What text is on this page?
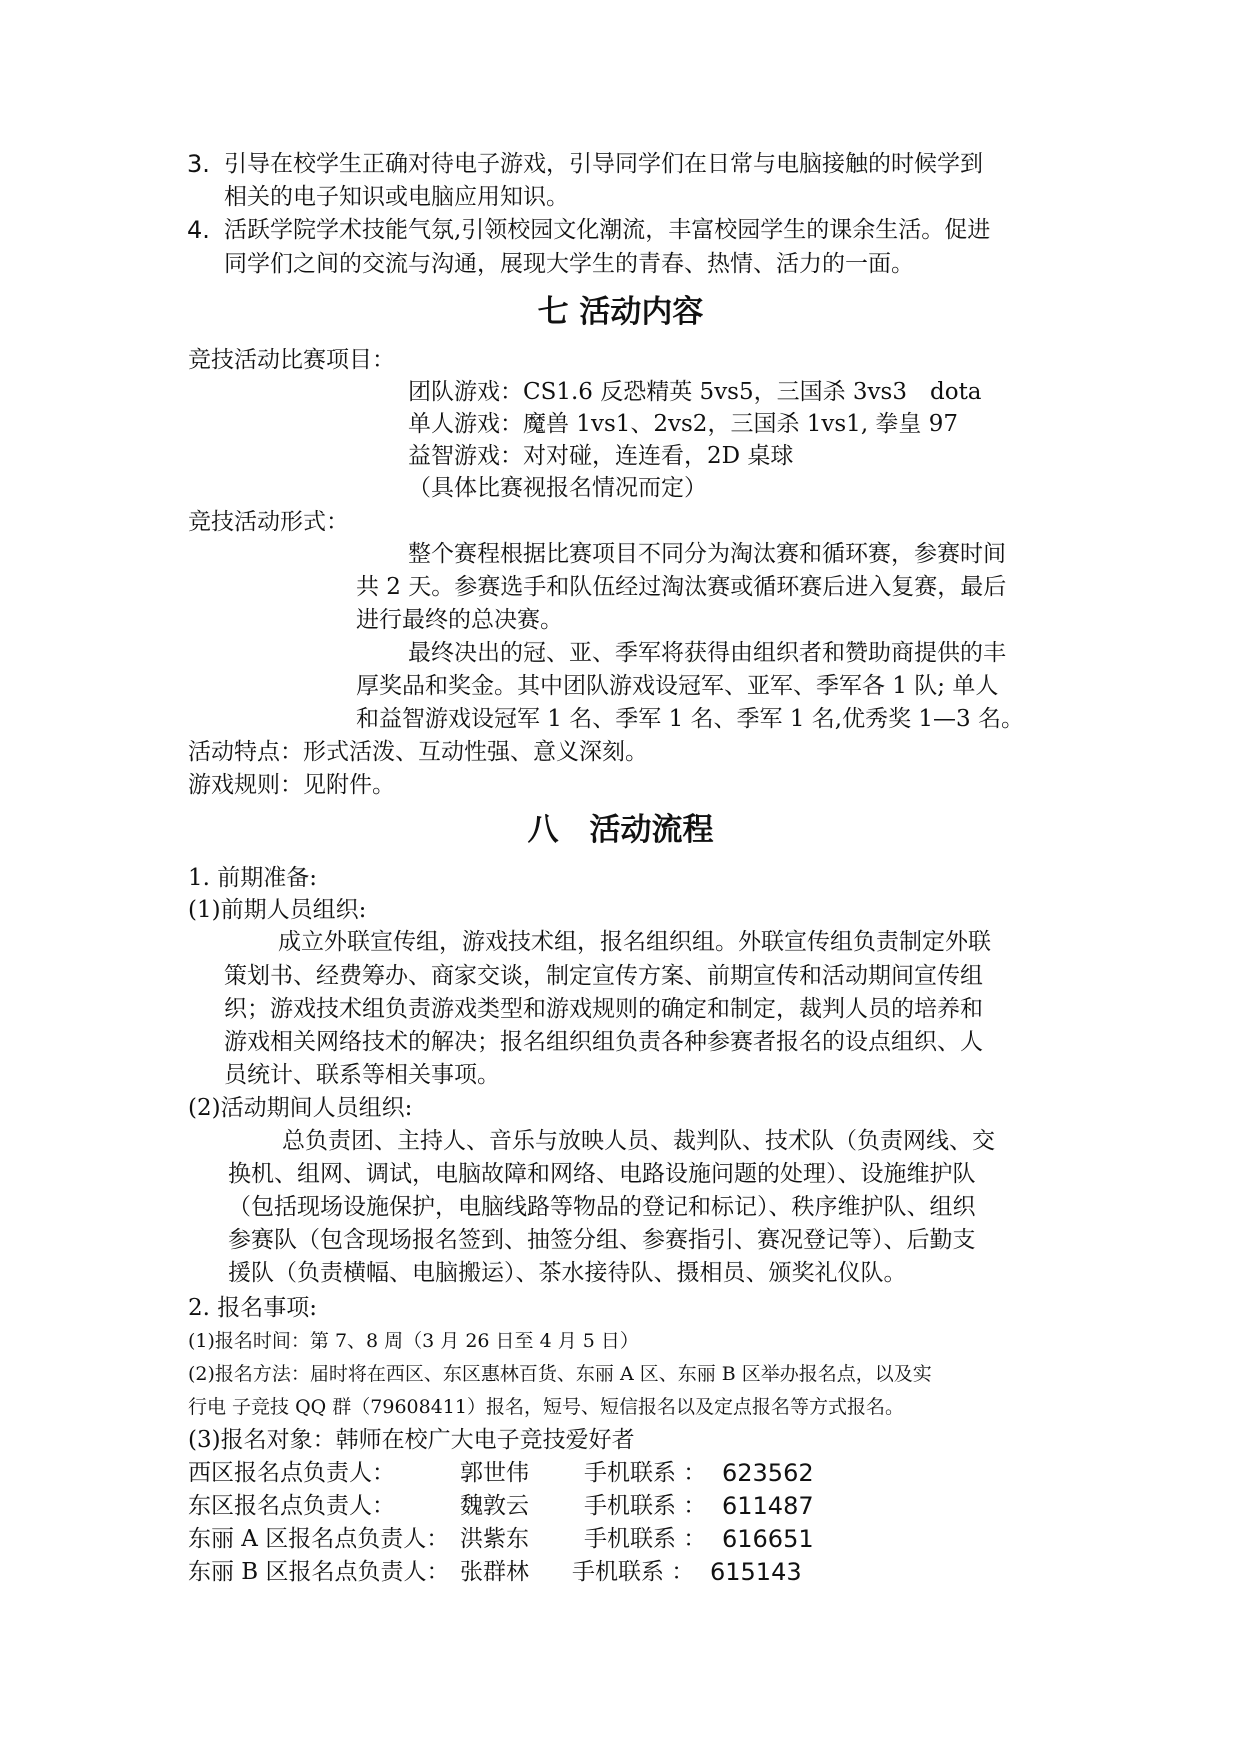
3. 引导在校学生正确对待电子游戏，引导同学们在日常与电脑接触的时候学到
相关的电子知识或电脑应用知识。
4. 活跃学院学术技能气氛,引领校园文化潮流，丰富校园学生的课余生活。促进
同学们之间的交流与沟通，展现大学生的青春、热情、活力的一面。
七 活动内容
竞技活动比赛项目：
团队游戏：CS1.6 反恐精英 5vs5，三国杀 3vs3　dota
单人游戏：魔兽 1vs1、2vs2，三国杀 1vs1, 拳皇 97
益智游戏：对对碰，连连看，2D 桌球
（具体比赛视报名情况而定）
竞技活动形式：
整个赛程根据比赛项目不同分为淘汰赛和循环赛，参赛时间
共 2 天。参赛选手和队伍经过淘汰赛或循环赛后进入复赛，最后
进行最终的总决赛。
最终决出的冠、亚、季军将获得由组织者和赞助商提供的丰
厚奖品和奖金。其中团队游戏设冠军、亚军、季军各 1 队; 单人
和益智游戏设冠军 1 名、季军 1 名、季军 1 名,优秀奖 1—3 名。
活动特点：形式活泼、互动性强、意义深刻。
游戏规则：见附件。
八　活动流程
1. 前期准备:
(1)前期人员组织:
成立外联宣传组，游戏技术组，报名组织组。外联宣传组负责制定外联
策划书、经费筹办、商家交谈，制定宣传方案、前期宣传和活动期间宣传组
织；游戏技术组负责游戏类型和游戏规则的确定和制定，裁判人员的培养和
游戏相关网络技术的解决；报名组织组负责各种参赛者报名的设点组织、人
员统计、联系等相关事项。
(2)活动期间人员组织:
总负责团、主持人、音乐与放映人员、裁判队、技术队（负责网线、交
换机、组网、调试，电脑故障和网络、电路设施问题的处理）、设施维护队
（包括现场设施保护，电脑线路等物品的登记和标记）、秩序维护队、组织
参赛队（包含现场报名签到、抽签分组、参赛指引、赛况登记等）、后勤支
援队（负责横幅、电脑搬运）、茶水接待队、摄相员、颁奖礼仪队。
2. 报名事项:
(1)报名时间：第 7、8 周（3 月 26 日至 4 月 5 日）
(2)报名方法：届时将在西区、东区惠林百货、东丽 A 区、东丽 B 区举办报名点，以及实
行电 子竞技 QQ 群（79608411）报名，短号、短信报名以及定点报名等方式报名。
(3)报名对象：韩师在校广大电子竞技爱好者
西区报名点负责人：	郭世伟 手机联系 ： 623562
东区报名点负责人：	魏敦云 手机联系 ： 611487
东丽 A 区报名点负责人： 洪紫东 手机联系 ： 616651
东丽 B 区报名点负责人： 张群林 手机联系 ： 615143
